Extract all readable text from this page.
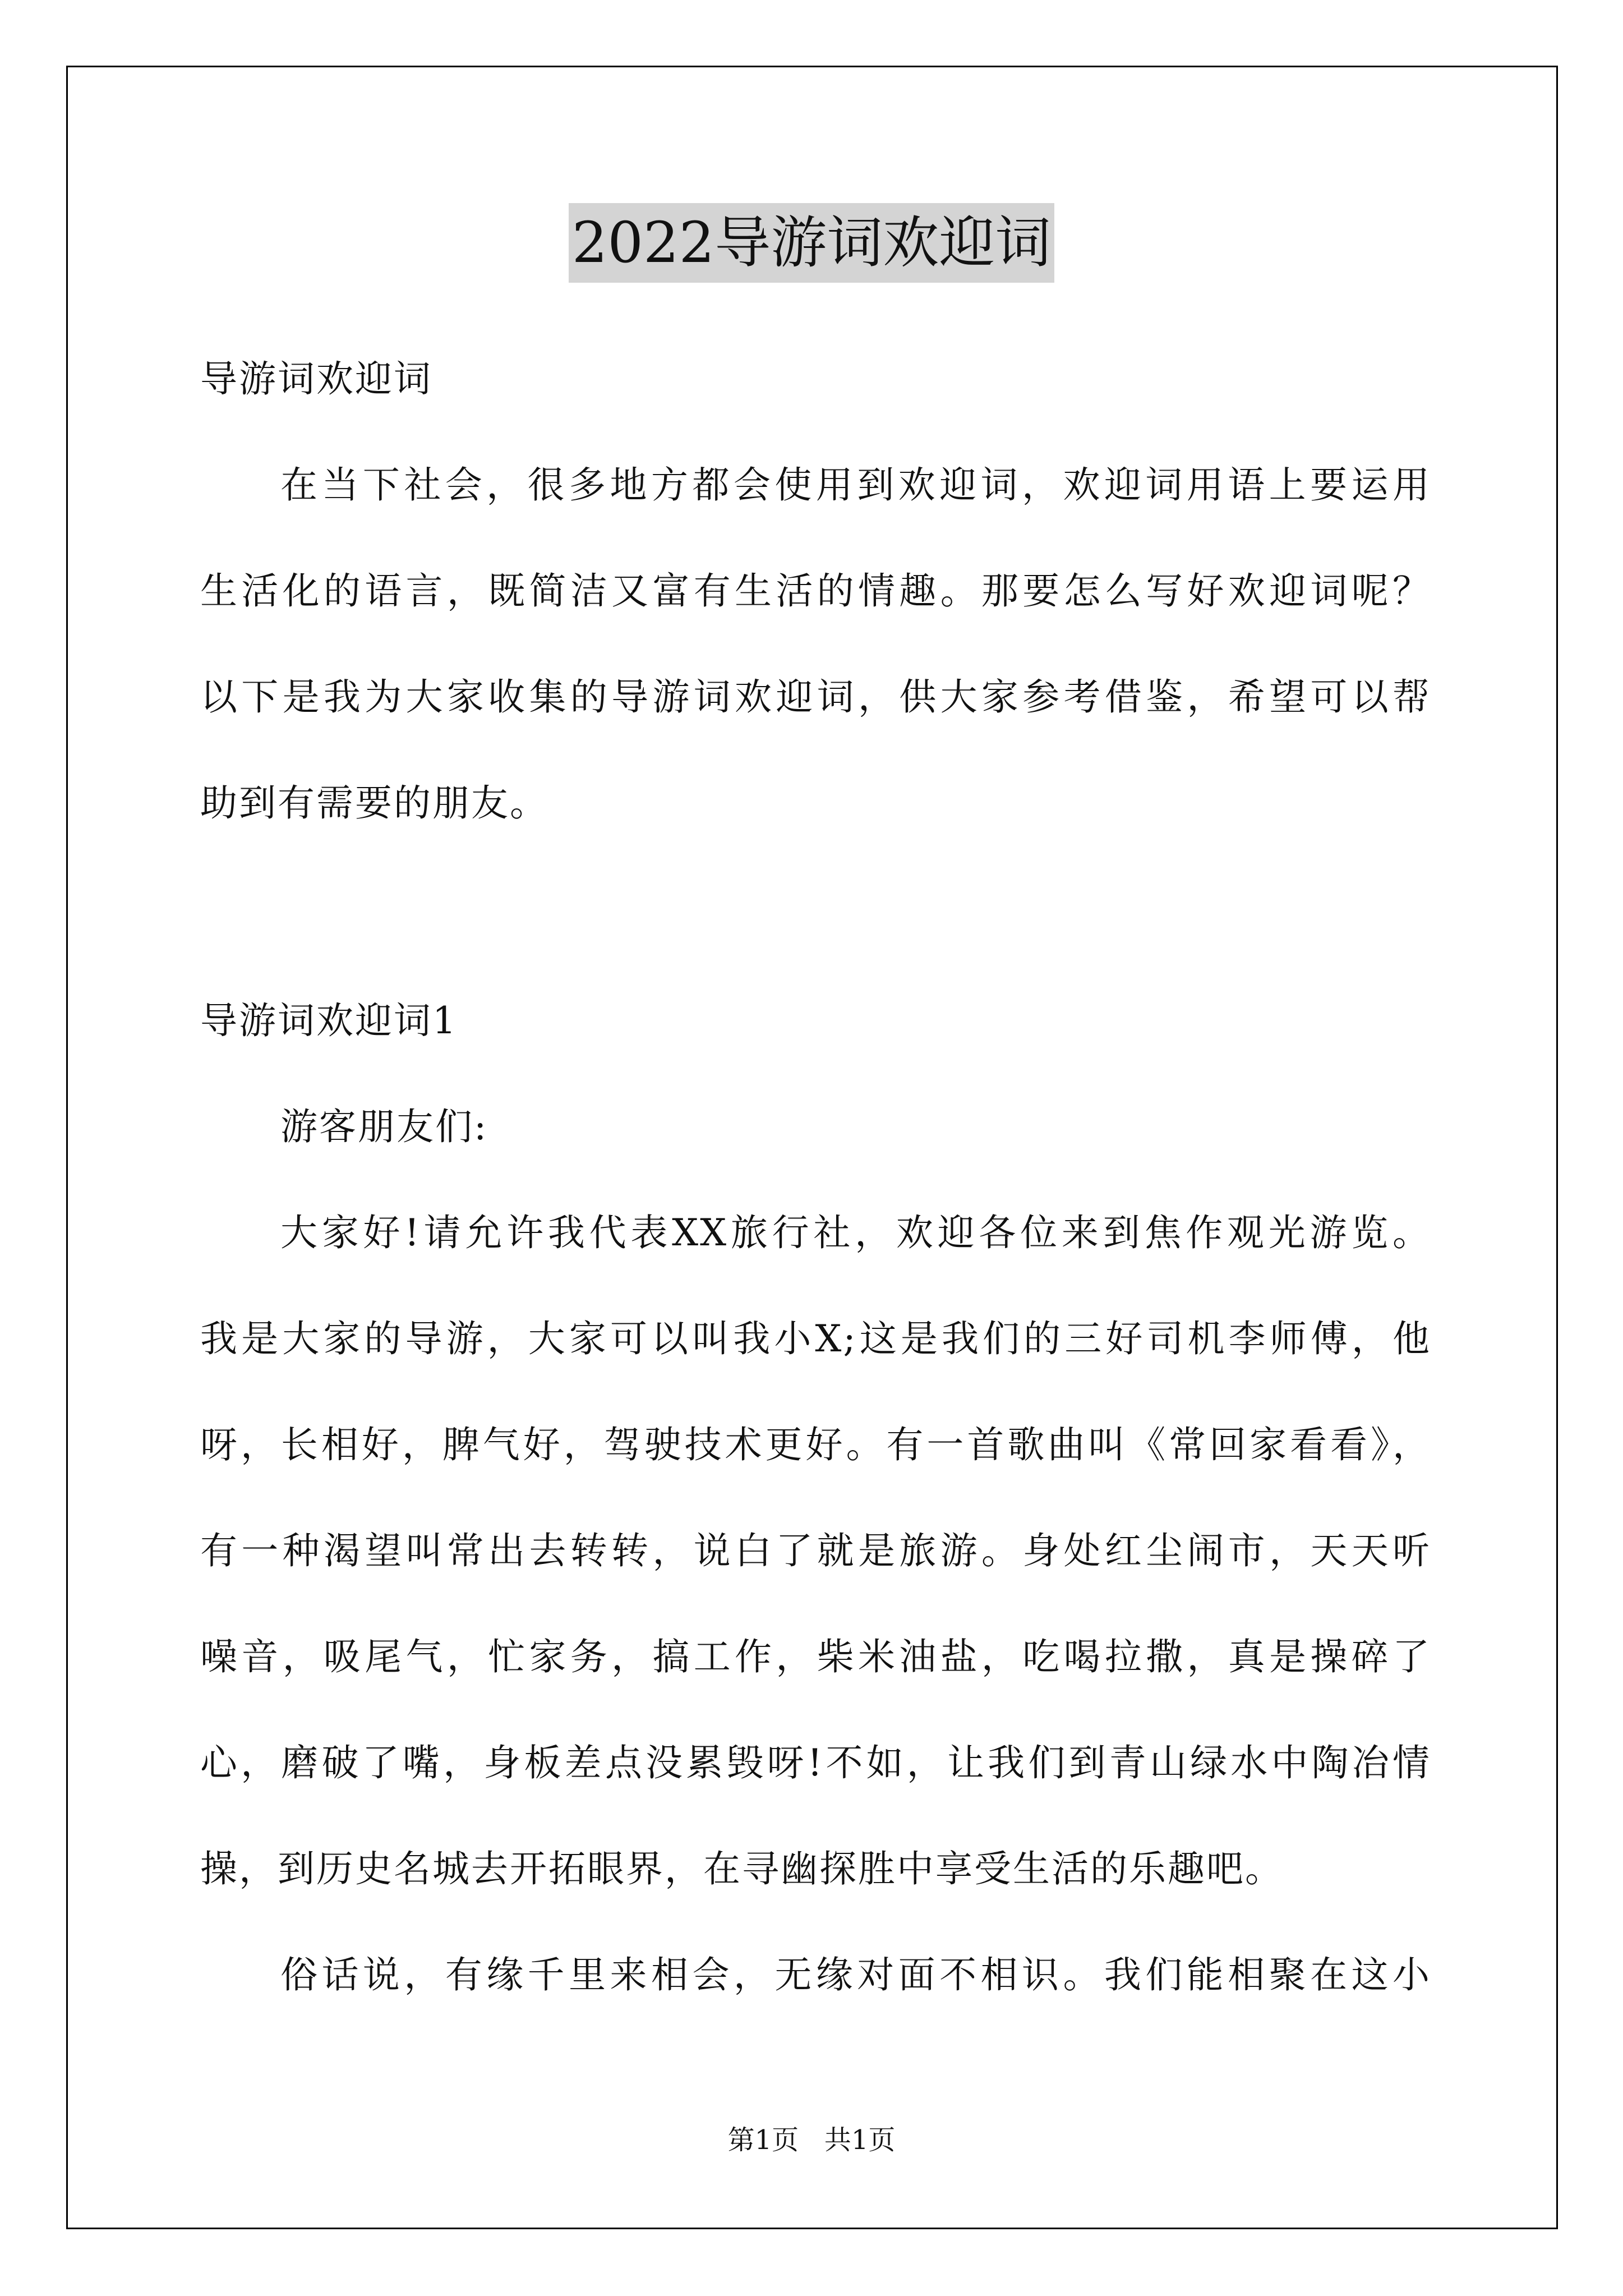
2022导游词欢迎词
导游词欢迎词
在当下社会，很多地方都会使用到欢迎词，欢迎词用语上要运用
生活化的语言，既简洁又富有生活的情趣。那要怎么写好欢迎词呢？
以下是我为大家收集的导游词欢迎词，供大家参考借鉴，希望可以帮
助到有需要的朋友。
导游词欢迎词1
游客朋友们:
大家好!请允许我代表XX旅行社，欢迎各位来到焦作观光游览。
我是大家的导游，大家可以叫我小X;这是我们的三好司机李师傅，他
呀，长相好，脾气好，驾驶技术更好。有一首歌曲叫《常回家看看》，
有一种渴望叫常出去转转，说白了就是旅游。身处红尘闹市，天天听
噪音，吸尾气，忙家务，搞工作，柴米油盐，吃喝拉撒，真是操碎了
心，磨破了嘴，身板差点没累毁呀!不如，让我们到青山绿水中陶冶情
操，到历史名城去开拓眼界，在寻幽探胜中享受生活的乐趣吧。
俗话说，有缘千里来相会，无缘对面不相识。我们能相聚在这小
第1页   共1页
